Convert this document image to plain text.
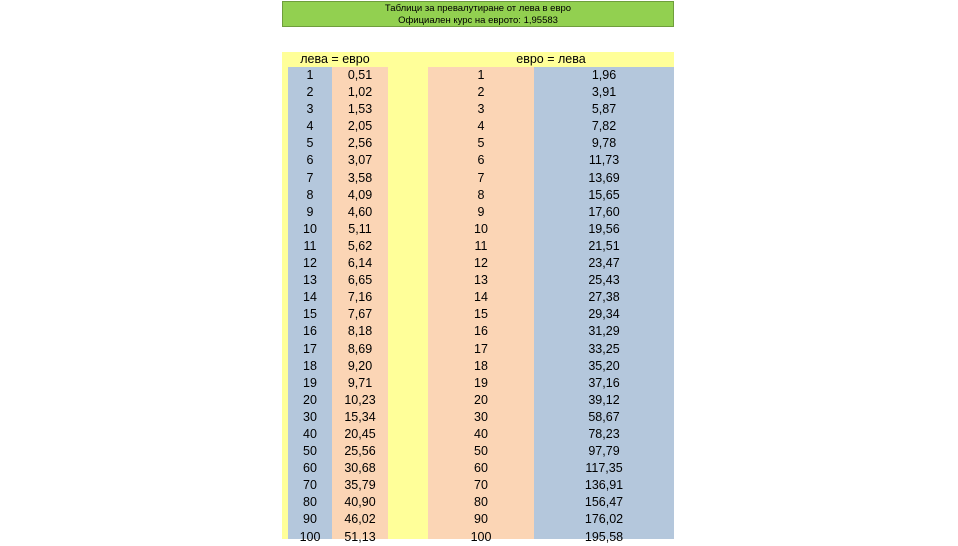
Таблици за превалутиране от лева в евро
Официален курс на еврото: 1,95583
лева = евро	евро = лева
1	0,51	1	1,96
2	1,02	2	3,91
3	1,53	3	5,87
4	2,05	4	7,82
5	2,56	5	9,78
6	3,07	6	11,73
7	3,58	7	13,69
8	4,09	8	15,65
9	4,60	9	17,60
10	5,11	10	19,56
11	5,62	11	21,51
12	6,14	12	23,47
13	6,65	13	25,43
14	7,16	14	27,38
15	7,67	15	29,34
16	8,18	16	31,29
17	8,69	17	33,25
18	9,20	18	35,20
19	9,71	19	37,16
20	10,23	20	39,12
30	15,34	30	58,67
40	20,45	40	78,23
50	25,56	50	97,79
60	30,68	60	117,35
70	35,79	70	136,91
80	40,90	80	156,47
90	46,02	90	176,02
100	51,13	100	195,58
